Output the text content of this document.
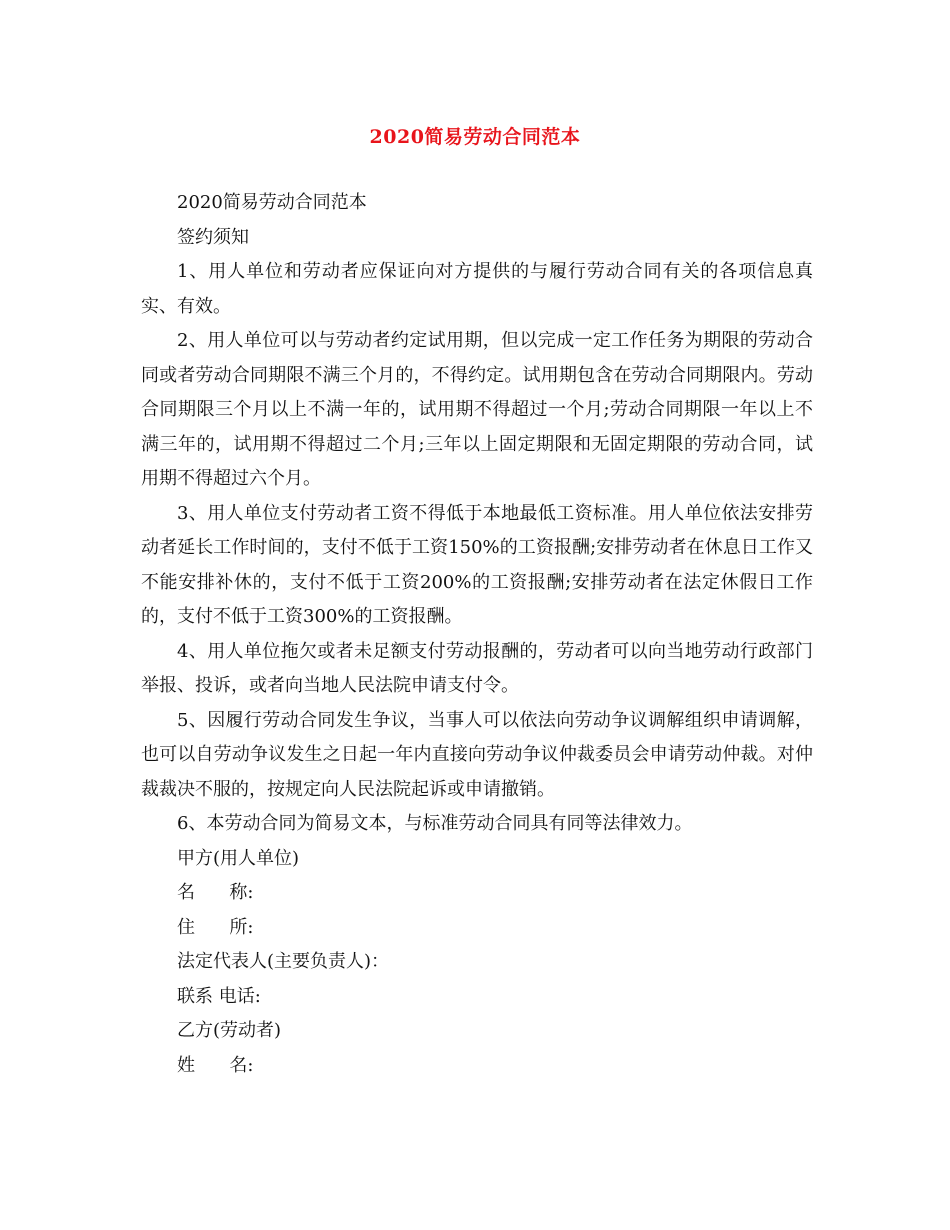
2020简易劳动合同范本

2020简易劳动合同范本

签约须知

1、用人单位和劳动者应保证向对方提供的与履行劳动合同有关的各项信息真实、有效。

2、用人单位可以与劳动者约定试用期，但以完成一定工作任务为期限的劳动合同或者劳动合同期限不满三个月的，不得约定。试用期包含在劳动合同期限内。劳动合同期限三个月以上不满一年的，试用期不得超过一个月;劳动合同期限一年以上不满三年的，试用期不得超过二个月;三年以上固定期限和无固定期限的劳动合同，试用期不得超过六个月。

3、用人单位支付劳动者工资不得低于本地最低工资标准。用人单位依法安排劳动者延长工作时间的，支付不低于工资150%的工资报酬;安排劳动者在休息日工作又不能安排补休的，支付不低于工资200%的工资报酬;安排劳动者在法定休假日工作的，支付不低于工资300%的工资报酬。

4、用人单位拖欠或者未足额支付劳动报酬的，劳动者可以向当地劳动行政部门举报、投诉，或者向当地人民法院申请支付令。

5、因履行劳动合同发生争议，当事人可以依法向劳动争议调解组织申请调解，也可以自劳动争议发生之日起一年内直接向劳动争议仲裁委员会申请劳动仲裁。对仲裁裁决不服的，按规定向人民法院起诉或申请撤销。

6、本劳动合同为简易文本，与标准劳动合同具有同等法律效力。

甲方(用人单位)

名      称:
住      所:
法定代表人(主要负责人)：
联系 电话:

乙方(劳动者)

姓      名:
